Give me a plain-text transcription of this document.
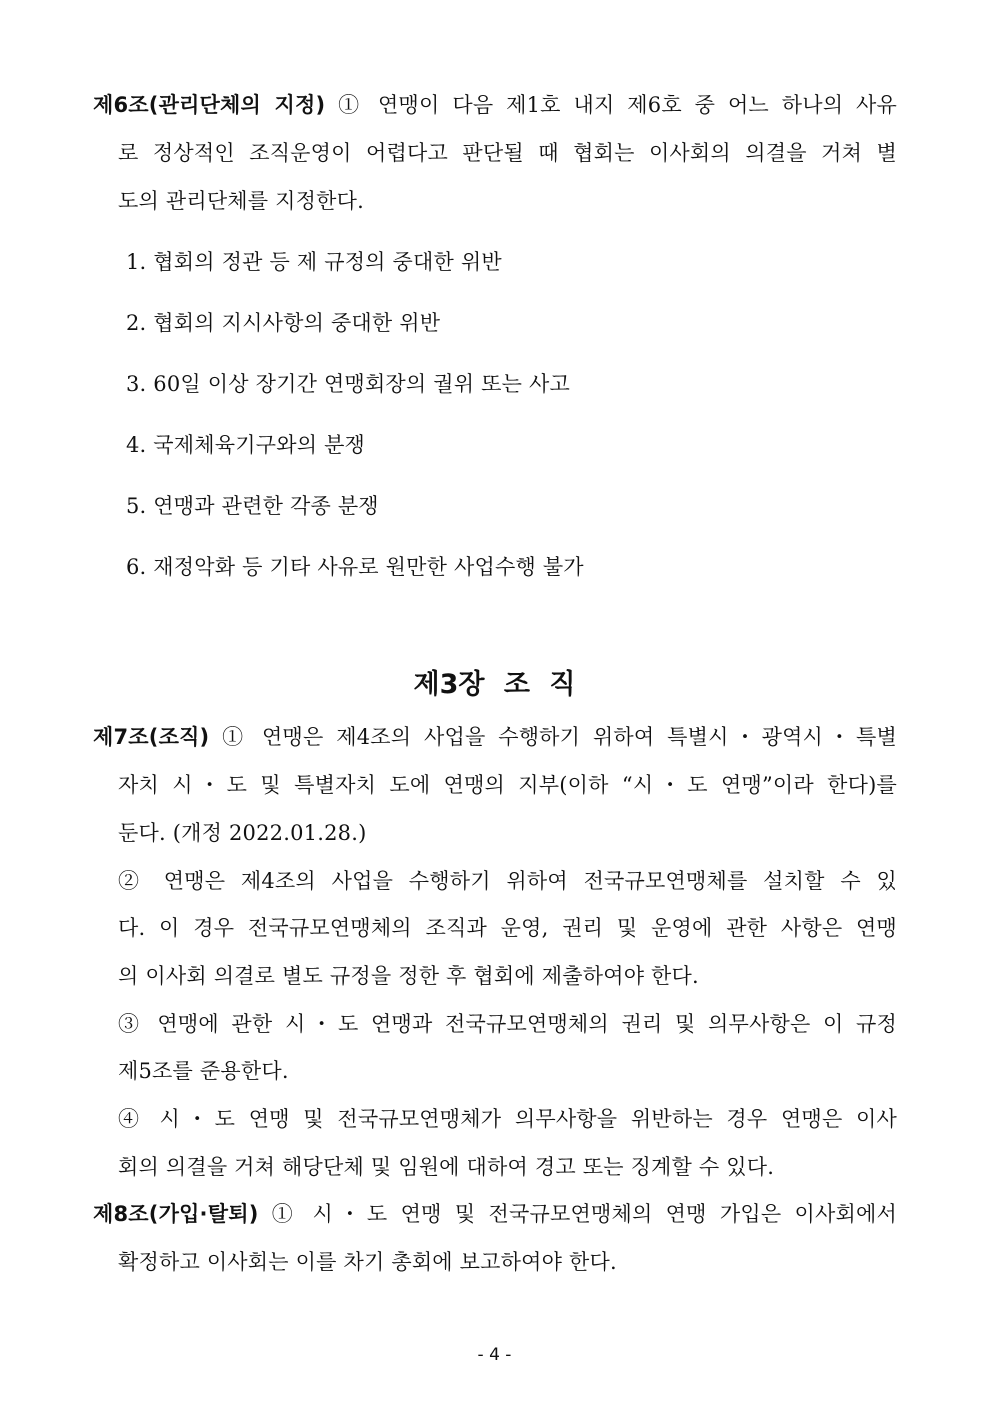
제6조(관리단체의 지정) ① 연맹이 다음 제1호 내지 제6호 중 어느 하나의 사유
로 정상적인 조직운영이 어렵다고 판단될 때 협회는 이사회의 의결을 거쳐 별
도의 관리단체를 지정한다.
1. 협회의 정관 등 제 규정의 중대한 위반
2. 협회의 지시사항의 중대한 위반
3. 60일 이상 장기간 연맹회장의 궐위 또는 사고
4. 국제체육기구와의 분쟁
5. 연맹과 관련한 각종 분쟁
6. 재정악화 등 기타 사유로 원만한 사업수행 불가
제3장 조 직
제7조(조직) ① 연맹은 제4조의 사업을 수행하기 위하여 특별시・광역시・특별
자치 시・도 및 특별자치 도에 연맹의 지부(이하 “시・도 연맹”이라 한다)를
둔다. (개정 2022.01.28.)
② 연맹은 제4조의 사업을 수행하기 위하여 전국규모연맹체를 설치할 수 있
다. 이 경우 전국규모연맹체의 조직과 운영, 권리 및 운영에 관한 사항은 연맹
의 이사회 의결로 별도 규정을 정한 후 협회에 제출하여야 한다.
③ 연맹에 관한 시・도 연맹과 전국규모연맹체의 권리 및 의무사항은 이 규정
제5조를 준용한다.
④ 시・도 연맹 및 전국규모연맹체가 의무사항을 위반하는 경우 연맹은 이사
회의 의결을 거쳐 해당단체 및 임원에 대하여 경고 또는 징계할 수 있다.
제8조(가입·탈퇴) ① 시・도 연맹 및 전국규모연맹체의 연맹 가입은 이사회에서
확정하고 이사회는 이를 차기 총회에 보고하여야 한다.
- 4 -
